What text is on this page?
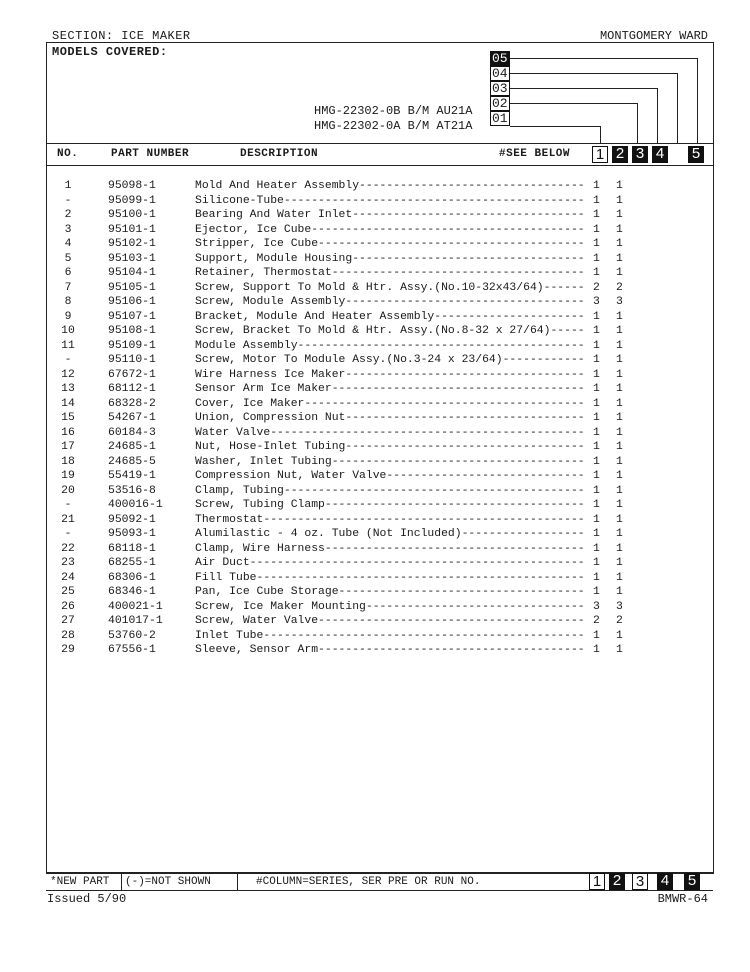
SECTION: ICE MAKER	MONTGOMERY WARD
MODELS COVERED:
HMG-22302-0B B/M AU21A
HMG-22302-0A B/M AT21A
05
04
03
02
01
NO.	PART NUMBER	DESCRIPTION	#SEE BELOW 1 2 3 4 5
1	95098-1	Mold And Heater Assembly--------------------------------- 1 1
-	95099-1	Silicone-Tube-------------------------------------------- 1 1
2	95100-1	Bearing And Water Inlet---------------------------------- 1 1
3	95101-1	Ejector, Ice Cube---------------------------------------- 1 1
4	95102-1	Stripper, Ice Cube--------------------------------------- 1 1
5	95103-1	Support, Module Housing---------------------------------- 1 1
6	95104-1	Retainer, Thermostat------------------------------------- 1 1
7	95105-1	Screw, Support To Mold & Htr. Assy.(No.10-32x43/64)------ 2 2
8	95106-1	Screw, Module Assembly----------------------------------- 3 3
9	95107-1	Bracket, Module And Heater Assembly---------------------- 1 1
10	95108-1	Screw, Bracket To Mold & Htr. Assy.(No.8-32 x 27/64)----- 1 1
11	95109-1	Module Assembly------------------------------------------ 1 1
-	95110-1	Screw, Motor To Module Assy.(No.3-24 x 23/64)------------ 1 1
12	67672-1	Wire Harness Ice Maker----------------------------------- 1 1
13	68112-1	Sensor Arm Ice Maker------------------------------------- 1 1
14	68328-2	Cover, Ice Maker----------------------------------------- 1 1
15	54267-1	Union, Compression Nut----------------------------------- 1 1
16	60184-3	Water Valve---------------------------------------------- 1 1
17	24685-1	Nut, Hose-Inlet Tubing----------------------------------- 1 1
18	24685-5	Washer, Inlet Tubing------------------------------------- 1 1
19	55419-1	Compression Nut, Water Valve----------------------------- 1 1
20	53516-8	Clamp, Tubing-------------------------------------------- 1 1
-	400016-1	Screw, Tubing Clamp-------------------------------------- 1 1
21	95092-1	Thermostat----------------------------------------------- 1 1
-	95093-1	Alumilastic - 4 oz. Tube (Not Included)------------------ 1 1
22	68118-1	Clamp, Wire Harness-------------------------------------- 1 1
23	68255-1	Air Duct------------------------------------------------- 1 1
24	68306-1	Fill Tube------------------------------------------------ 1 1
25	68346-1	Pan, Ice Cube Storage------------------------------------ 1 1
26	400021-1	Screw, Ice Maker Mounting-------------------------------- 3 3
27	401017-1	Screw, Water Valve--------------------------------------- 2 2
28	53760-2	Inlet Tube----------------------------------------------- 1 1
29	67556-1	Sleeve, Sensor Arm--------------------------------------- 1 1
*NEW PART (-)=NOT SHOWN	#COLUMN=SERIES, SER PRE OR RUN NO.	1 2 3 4 5
Issued 5/90	BMWR-64
